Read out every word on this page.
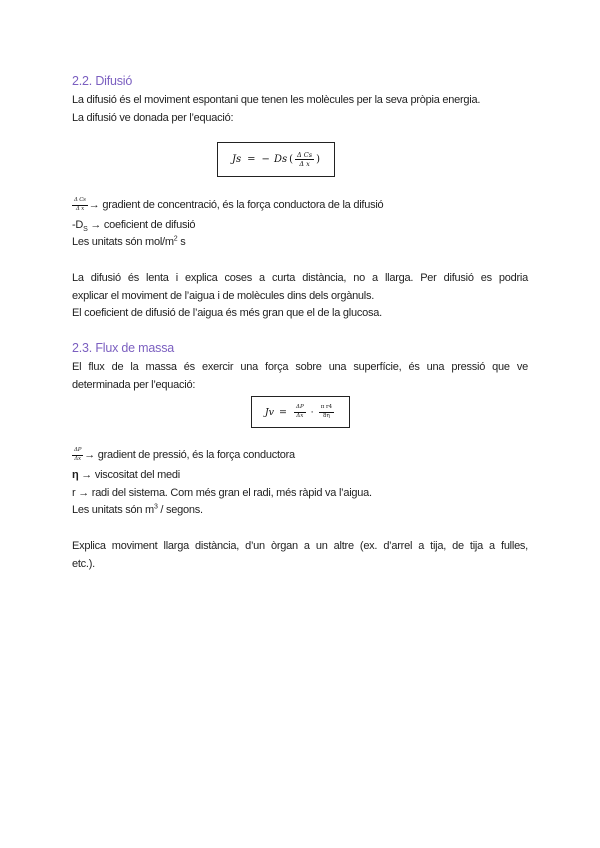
2.2. Difusió
La difusió és el moviment espontani que tenen les molècules per la seva pròpia energia.
La difusió ve donada per l’equació:
Js = − Ds ( $\frac{\text{Δ Cs}}{\text{Δ x}}$ )
$\frac{\text{Δ Cs}}{\text{Δ x}}$ → gradient de concentració, és la força conductora de la difusió
$-D_S$ → coeficient de difusió
Les unitats són mol/$m^2$ s
La difusió és lenta i explica coses a curta distància, no a llarga. Per difusió es podria
explicar el moviment de l’aigua i de molècules dins dels orgànuls.
El coeficient de difusió de l’aigua és més gran que el de la glucosa.
2.3. Flux de massa
El flux de la massa és exercir una força sobre una superfície, és una pressió que ve
determinada per l’equació:
$Jv = \frac{\Delta P}{\Delta x} \cdot \frac{\text{π r4}}{8\eta}$
$\frac{\Delta P}{\Delta x}$ → gradient de pressió, és la força conductora
η → viscositat del medi
r → radi del sistema. Com més gran el radi, més ràpid va l’aigua.
Les unitats són $m^3$ / segons.
Explica moviment llarga distància, d’un òrgan a un altre (ex. d’arrel a tija, de tija a fulles,
etc.).
